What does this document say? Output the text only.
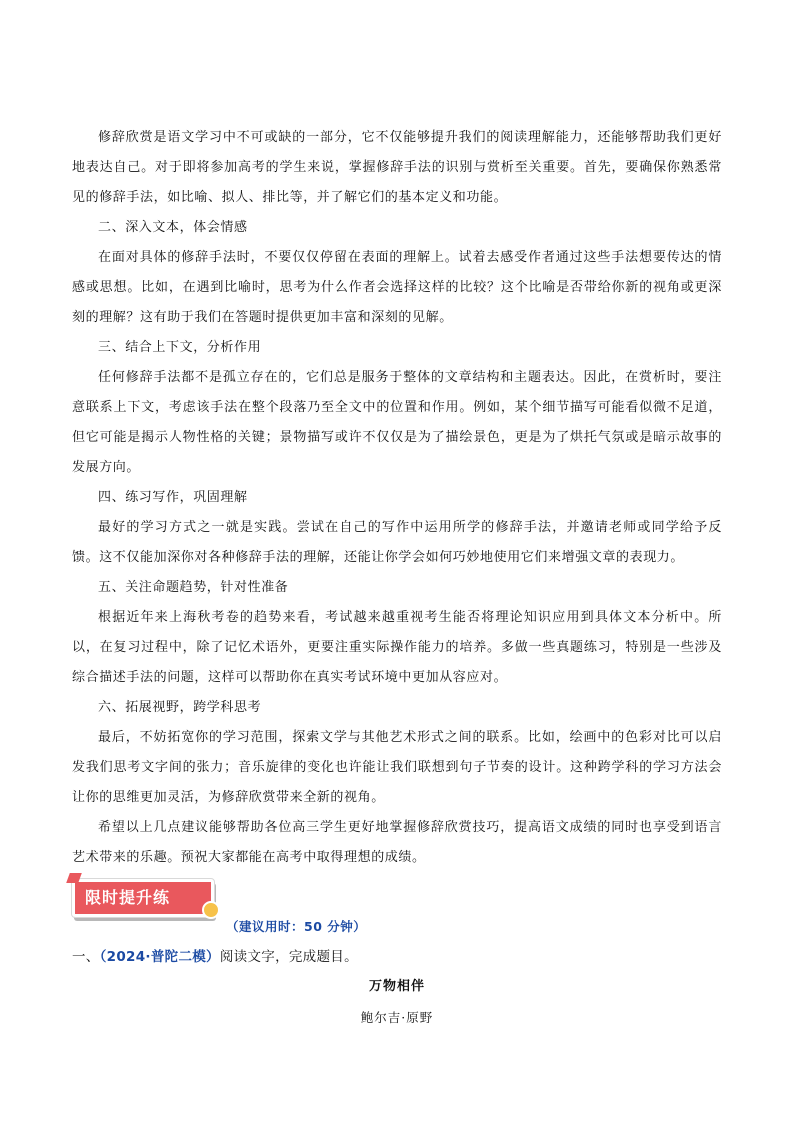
修辞欣赏是语文学习中不可或缺的一部分，它不仅能够提升我们的阅读理解能力，还能够帮助我们更好地表达自己。对于即将参加高考的学生来说，掌握修辞手法的识别与赏析至关重要。首先，要确保你熟悉常见的修辞手法，如比喻、拟人、排比等，并了解它们的基本定义和功能。

二、深入文本，体会情感

在面对具体的修辞手法时，不要仅仅停留在表面的理解上。试着去感受作者通过这些手法想要传达的情感或思想。比如，在遇到比喻时，思考为什么作者会选择这样的比较？这个比喻是否带给你新的视角或更深刻的理解？这有助于我们在答题时提供更加丰富和深刻的见解。

三、结合上下文，分析作用

任何修辞手法都不是孤立存在的，它们总是服务于整体的文章结构和主题表达。因此，在赏析时，要注意联系上下文，考虑该手法在整个段落乃至全文中的位置和作用。例如，某个细节描写可能看似微不足道，但它可能是揭示人物性格的关键；景物描写或许不仅仅是为了描绘景色，更是为了烘托气氛或是暗示故事的发展方向。

四、练习写作，巩固理解

最好的学习方式之一就是实践。尝试在自己的写作中运用所学的修辞手法，并邀请老师或同学给予反馈。这不仅能加深你对各种修辞手法的理解，还能让你学会如何巧妙地使用它们来增强文章的表现力。

五、关注命题趋势，针对性准备

根据近年来上海秋考卷的趋势来看，考试越来越重视考生能否将理论知识应用到具体文本分析中。所以，在复习过程中，除了记忆术语外，更要注重实际操作能力的培养。多做一些真题练习，特别是一些涉及综合描述手法的问题，这样可以帮助你在真实考试环境中更加从容应对。

六、拓展视野，跨学科思考

最后，不妨拓宽你的学习范围，探索文学与其他艺术形式之间的联系。比如，绘画中的色彩对比可以启发我们思考文字间的张力；音乐旋律的变化也许能让我们联想到句子节奏的设计。这种跨学科的学习方法会让你的思维更加灵活，为修辞欣赏带来全新的视角。

希望以上几点建议能够帮助各位高三学生更好地掌握修辞欣赏技巧，提高语文成绩的同时也享受到语言艺术带来的乐趣。预祝大家都能在高考中取得理想的成绩。

限时提升练
（建议用时：50 分钟）
一、（2024·普陀二模）阅读文字，完成题目。
万物相伴
鲍尔吉·原野
